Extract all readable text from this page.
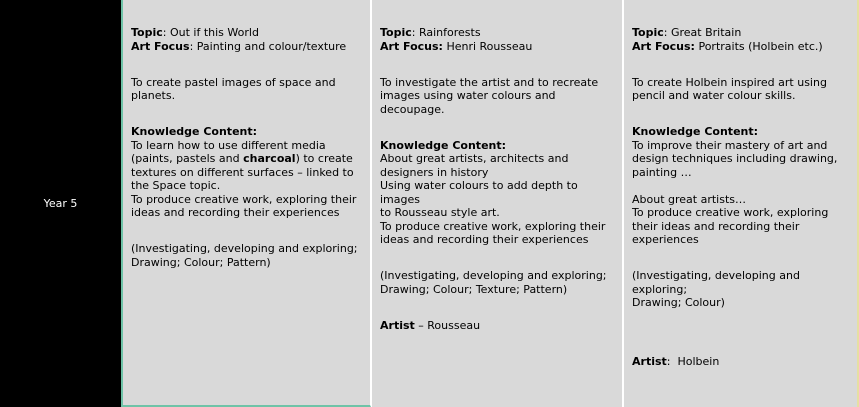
Year 5
Topic: Out if this World
Art Focus: Painting and colour/texture
To create pastel images of space and
planets.
Knowledge Content:
To learn how to use different media
(paints, pastels and charcoal) to create
textures on different surfaces – linked to
the Space topic.
To produce creative work, exploring their
ideas and recording their experiences
(Investigating, developing and exploring;
Drawing; Colour; Pattern)
Topic: Rainforests
Art Focus: Henri Rousseau
To investigate the artist and to recreate
images using water colours and decoupage.
Knowledge Content:
About great artists, architects and
designers in history
Using water colours to add depth to images
to Rousseau style art.
To produce creative work, exploring their
ideas and recording their experiences
(Investigating, developing and exploring;
Drawing; Colour; Texture; Pattern)
Artist – Rousseau
Topic: Great Britain
Art Focus: Portraits (Holbein etc.)
To create Holbein inspired art using
pencil and water colour skills.
Knowledge Content:
To improve their mastery of art and
design techniques including drawing,
painting …
About great artists…
To produce creative work, exploring
their ideas and recording their
experiences
(Investigating, developing and exploring;
Drawing; Colour)
Artist:  Holbein
